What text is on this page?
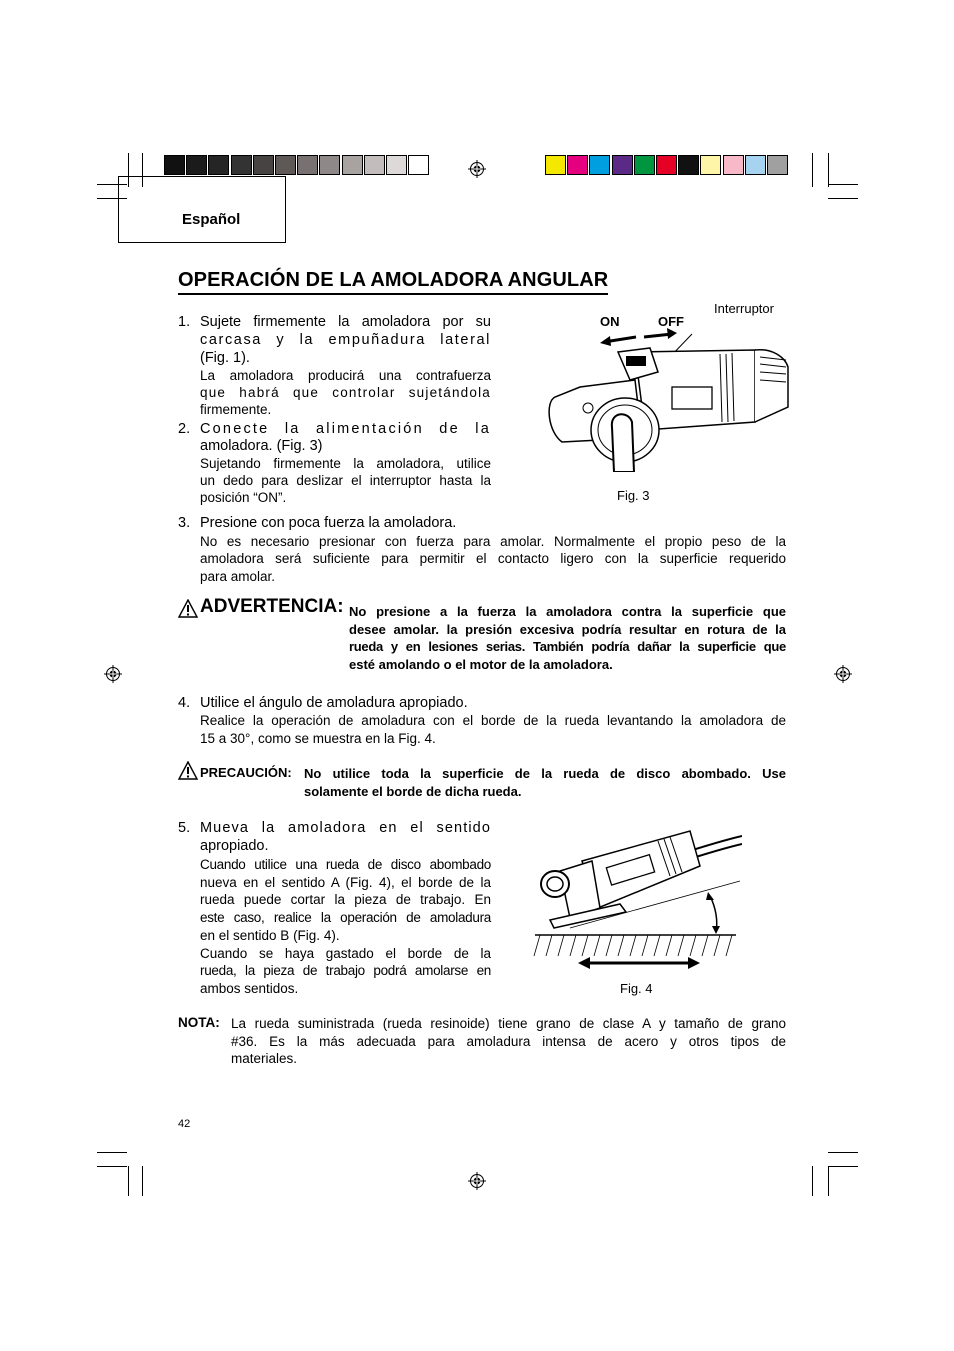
Español
OPERACIÓN DE LA AMOLADORA ANGULAR
1. Sujete firmemente la amoladora por su
carcasa y la empuñadura lateral
(Fig. 1).
La amoladora producirá una contrafuerza
que habrá que controlar sujetándola
firmemente.
2. Conecte la alimentación de la
amoladora. (Fig. 3)
Sujetando firmemente la amoladora, utilice
un dedo para deslizar el interruptor hasta la
posición “ON”.
Interruptor
ON	OFF
Fig. 3
3. Presione con poca fuerza la amoladora.
No es necesario presionar con fuerza para amolar. Normalmente el propio peso de la
amoladora será suficiente para permitir el contacto ligero con la superficie requerido
para amolar.
ADVERTENCIA: No presione a la fuerza la amoladora contra la superficie que
desee amolar. la presión excesiva podría resultar en rotura de la
rueda y en lesiones serias. También podría dañar la superficie que
esté amolando o el motor de la amoladora.
4. Utilice el ángulo de amoladura apropiado.
Realice la operación de amoladura con el borde de la rueda levantando la amoladora de
15 a 30°, como se muestra en la Fig. 4.
PRECAUCIÓN: No utilice toda la superficie de la rueda de disco abombado. Use
solamente el borde de dicha rueda.
5. Mueva la amoladora en el sentido
apropiado.
Cuando utilice una rueda de disco abombado
nueva en el sentido A (Fig. 4), el borde de la
rueda puede cortar la pieza de trabajo. En
este caso, realice la operación de amoladura
en el sentido B (Fig. 4).
Cuando se haya gastado el borde de la
rueda, la pieza de trabajo podrá amolarse en
ambos sentidos.	Fig. 4
NOTA: La rueda suministrada (rueda resinoide) tiene grano de clase A y tamaño de grano
#36. Es la más adecuada para amoladura intensa de acero y otros tipos de
materiales.
42
